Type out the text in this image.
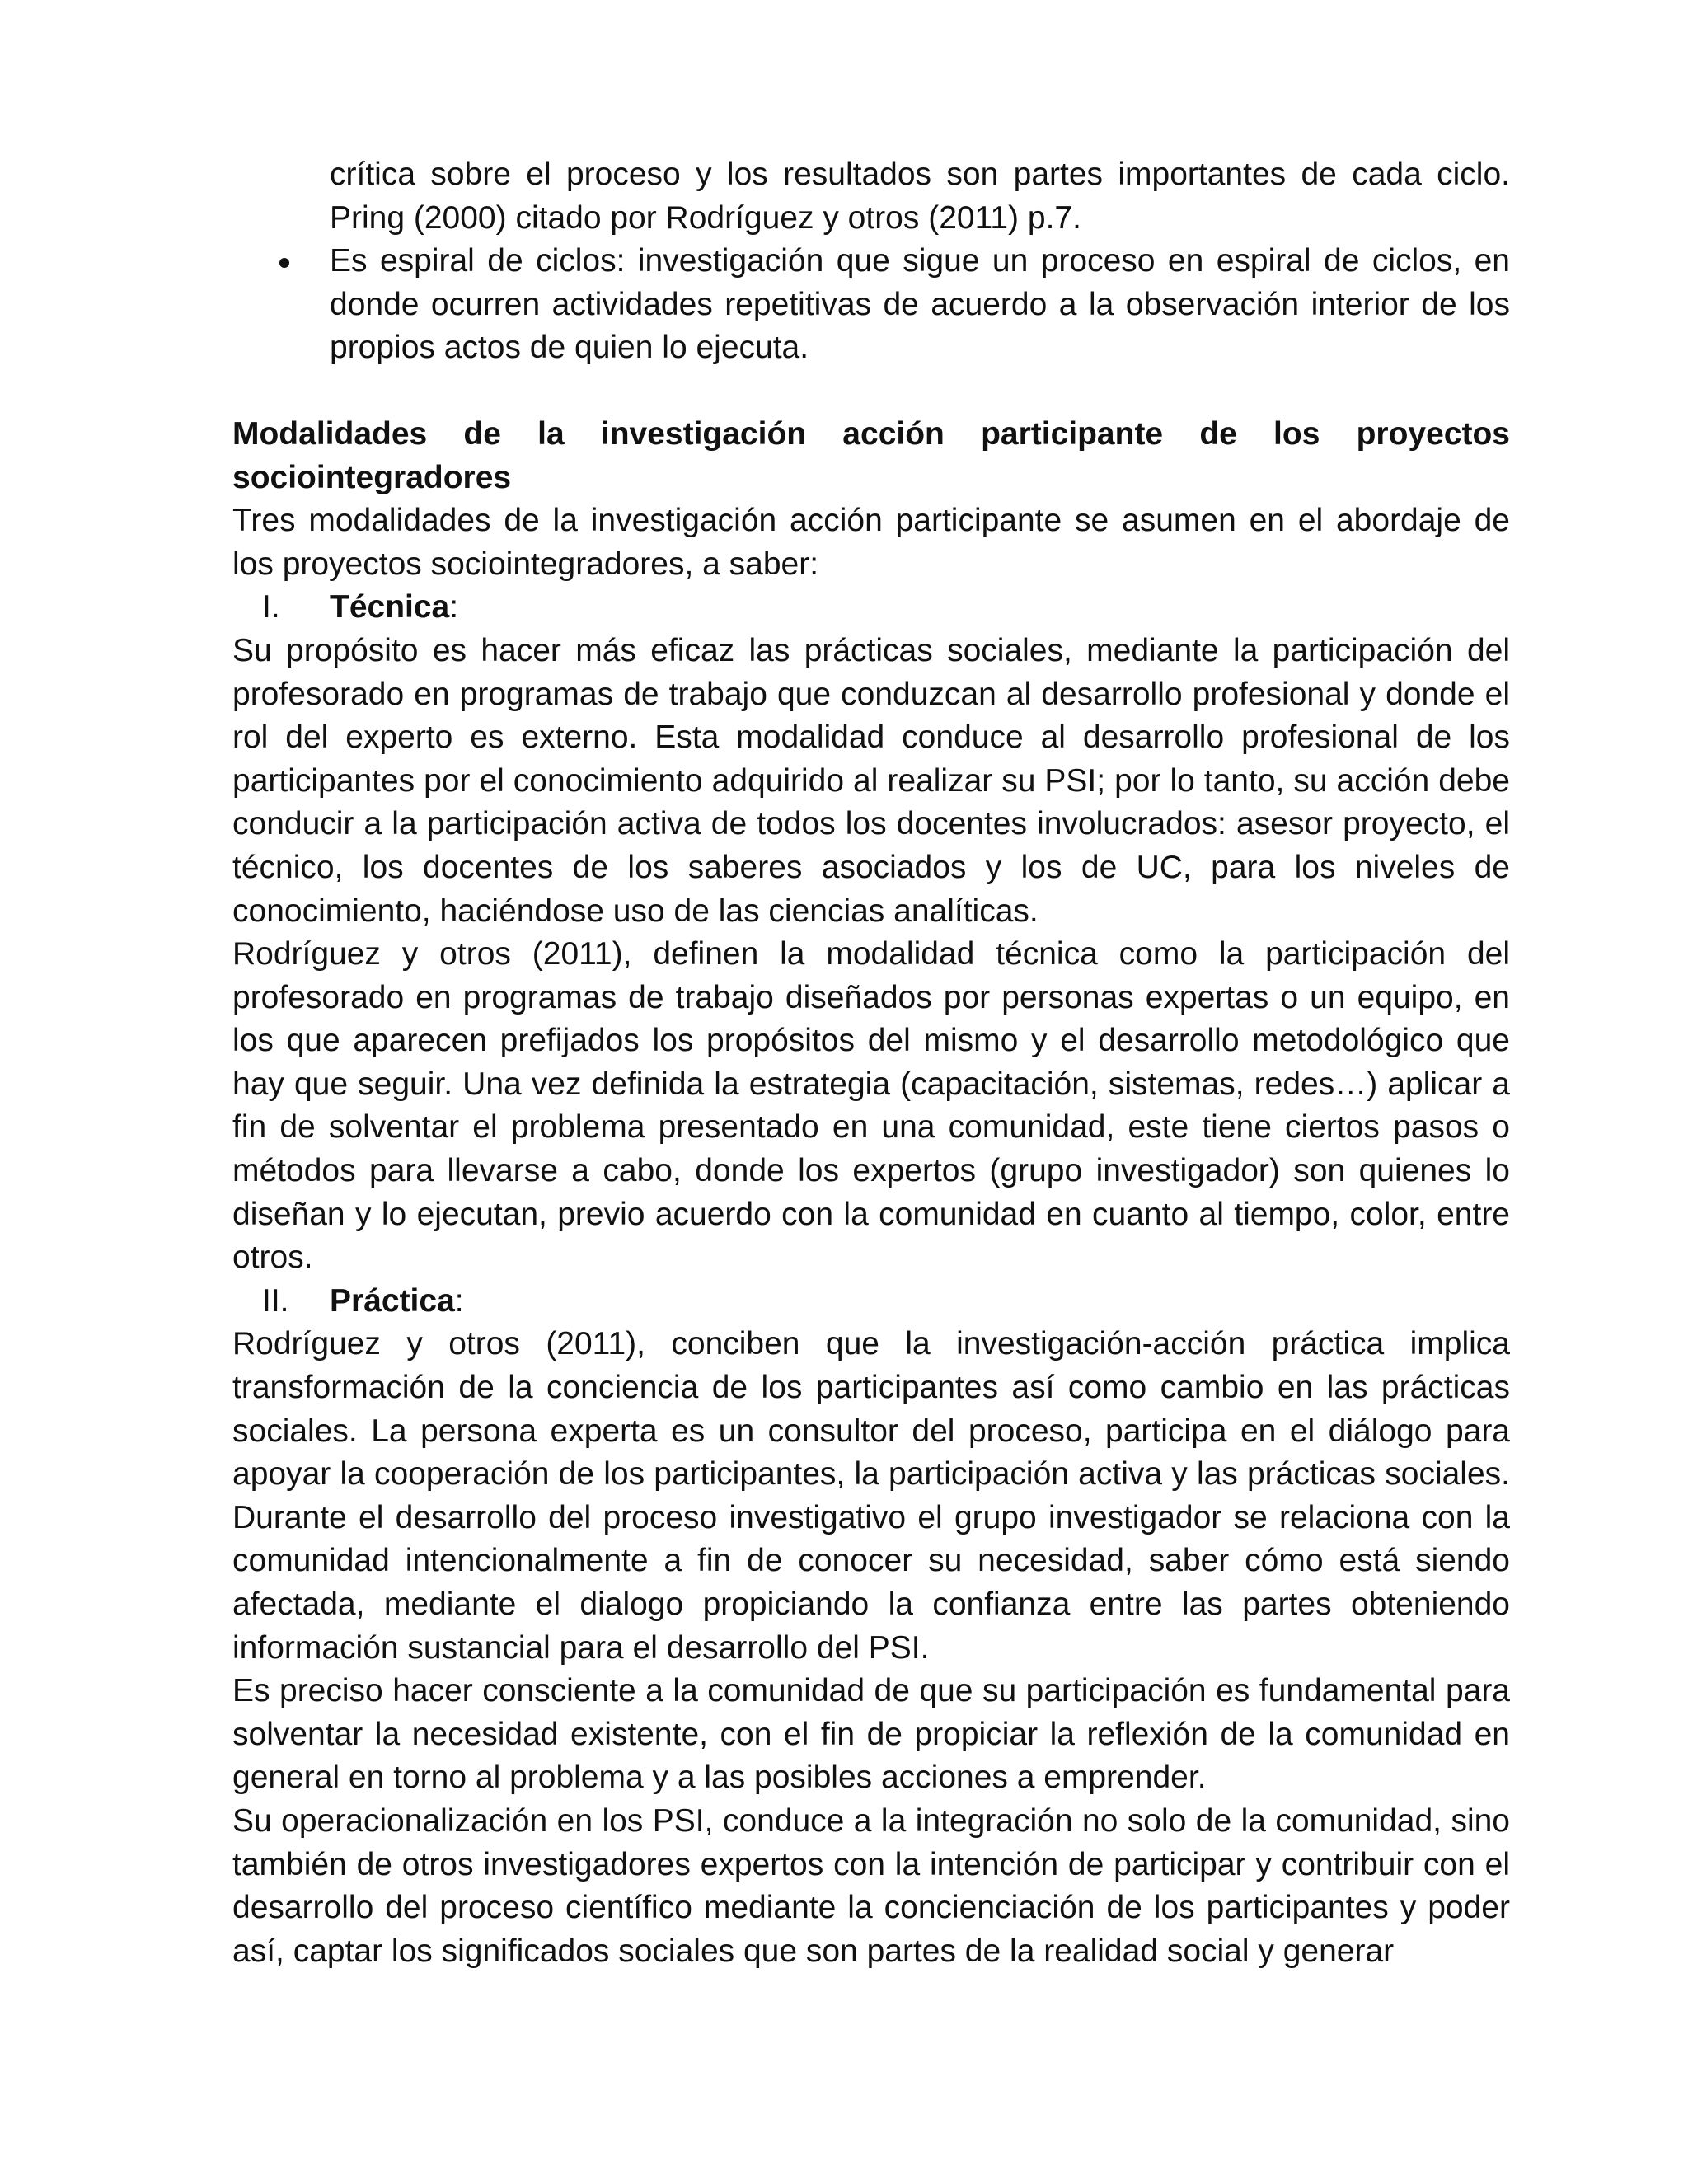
crítica sobre el proceso y los resultados son partes importantes de cada ciclo. Pring (2000) citado por Rodríguez y otros (2011) p.7.

Es espiral de ciclos: investigación que sigue un proceso en espiral de ciclos, en donde ocurren actividades repetitivas de acuerdo a la observación interior de los propios actos de quien lo ejecuta.

Modalidades de la investigación acción participante de los proyectos sociointegradores

Tres modalidades de la investigación acción participante se asumen en el abordaje de los proyectos sociointegradores, a saber:

I.	Técnica:

Su propósito es hacer más eficaz las prácticas sociales, mediante la participación del profesorado en programas de trabajo que conduzcan al desarrollo profesional y donde el rol del experto es externo. Esta modalidad conduce al desarrollo profesional de los participantes por el conocimiento adquirido al realizar su PSI; por lo tanto, su acción debe conducir a la participación activa de todos los docentes involucrados: asesor proyecto, el técnico, los docentes de los saberes asociados y los de UC, para los niveles de conocimiento, haciéndose uso de las ciencias analíticas.

Rodríguez y otros (2011), definen la modalidad técnica como la participación del profesorado en programas de trabajo diseñados por personas expertas o un equipo, en los que aparecen prefijados los propósitos del mismo y el desarrollo metodológico que hay que seguir. Una vez definida la estrategia (capacitación, sistemas, redes…) aplicar a fin de solventar el problema presentado en una comunidad, este tiene ciertos pasos o métodos para llevarse a cabo, donde los expertos (grupo investigador) son quienes lo diseñan y lo ejecutan, previo acuerdo con la comunidad en cuanto al tiempo, color, entre otros.

II.	Práctica:

Rodríguez y otros (2011), conciben que la investigación-acción práctica implica transformación de la conciencia de los participantes así como cambio en las prácticas sociales. La persona experta es un consultor del proceso, participa en el diálogo para apoyar la cooperación de los participantes, la participación activa y las prácticas sociales. Durante el desarrollo del proceso investigativo el grupo investigador se relaciona con la comunidad intencionalmente a fin de conocer su necesidad, saber cómo está siendo afectada, mediante el dialogo propiciando la confianza entre las partes obteniendo información sustancial para el desarrollo del PSI.

Es preciso hacer consciente a la comunidad de que su participación es fundamental para solventar la necesidad existente, con el fin de propiciar la reflexión de la comunidad en general en torno al problema y a las posibles acciones a emprender.

Su operacionalización en los PSI, conduce a la integración no solo de la comunidad, sino también de otros investigadores expertos con la intención de participar y contribuir con el desarrollo del proceso científico mediante la concienciación de los participantes y poder así, captar los significados sociales que son partes de la realidad social y generar
